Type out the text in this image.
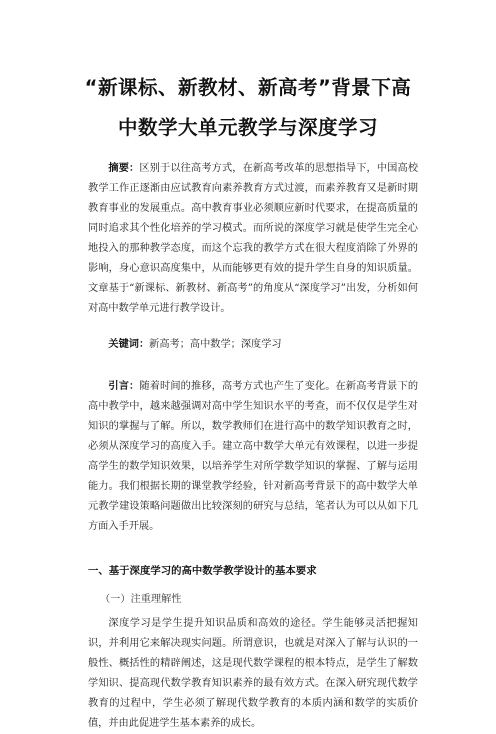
“新课标、新教材、新高考”背景下高
中数学大单元教学与深度学习
摘要：区别于以往高考方式，在新高考改革的思想指导下，中国高校教学工作正逐渐由应试教育向素养教育方式过渡，而素养教育又是新时期教育事业的发展重点。高中教育事业必须顺应新时代要求，在提高质量的同时追求其个性化培养的学习模式。而所说的深度学习就是使学生完全心地投入的那种教学态度，而这个忘我的教学方式在很大程度消除了外界的影响，身心意识高度集中，从而能够更有效的提升学生自身的知识质量。文章基于“新课标、新教材、新高考”的角度从“深度学习”出发，分析如何对高中数学单元进行教学设计。
关键词：新高考；高中数学；深度学习
引言：随着时间的推移，高考方式也产生了变化。在新高考背景下的高中教学中，越来越强调对高中学生知识水平的考查，而不仅仅是学生对知识的掌握与了解。所以，数学教师们在进行高中的数学知识教育之时，必须从深度学习的高度入手。建立高中数学大单元有效课程，以进一步提高学生的数学知识效果，以培养学生对所学数学知识的掌握、了解与运用能力。我们根据长期的课堂教学经验，针对新高考背景下的高中数学大单元教学建设策略问题做出比较深刻的研究与总结，笔者认为可以从如下几方面入手开展。
一、基于深度学习的高中数学教学设计的基本要求
（一）注重理解性
深度学习是学生提升知识品质和高效的途径。学生能够灵活把握知识，并利用它来解决现实问题。所谓意识，也就是对深入了解与认识的一般性、概括性的精辟阐述，这是现代数学课程的根本特点，是学生了解数学知识、提高现代数学教育知识素养的最有效方式。在深入研究现代数学教育的过程中，学生必须了解现代数学教育的本质内涵和数学的实质价值，并由此促进学生基本素养的成长。
